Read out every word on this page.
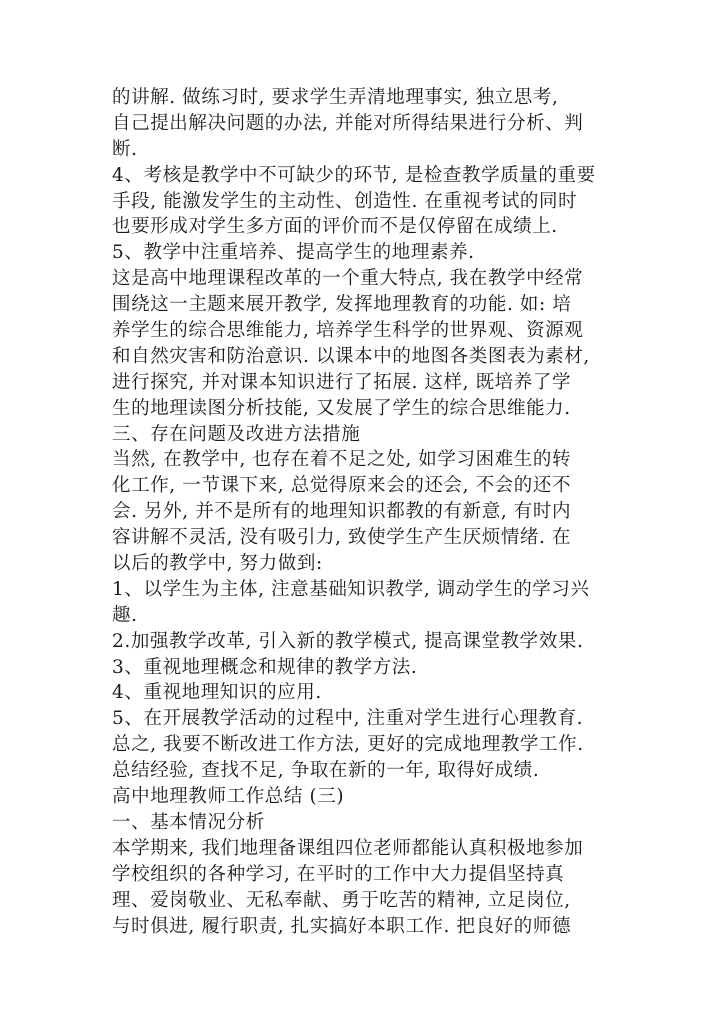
的讲解. 做练习时, 要求学生弄清地理事实, 独立思考,
自己提出解决问题的办法, 并能对所得结果进行分析、判
断.
4、考核是教学中不可缺少的环节, 是检查教学质量的重要
手段, 能激发学生的主动性、创造性. 在重视考试的同时
也要形成对学生多方面的评价而不是仅停留在成绩上.
5、教学中注重培养、提高学生的地理素养.
这是高中地理课程改革的一个重大特点, 我在教学中经常
围绕这一主题来展开教学, 发挥地理教育的功能. 如: 培
养学生的综合思维能力, 培养学生科学的世界观、资源观
和自然灾害和防治意识. 以课本中的地图各类图表为素材,
进行探究, 并对课本知识进行了拓展. 这样, 既培养了学
生的地理读图分析技能, 又发展了学生的综合思维能力.
三、存在问题及改进方法措施
当然, 在教学中, 也存在着不足之处, 如学习困难生的转
化工作, 一节课下来, 总觉得原来会的还会, 不会的还不
会. 另外, 并不是所有的地理知识都教的有新意, 有时内
容讲解不灵活, 没有吸引力, 致使学生产生厌烦情绪. 在
以后的教学中, 努力做到:
1、以学生为主体, 注意基础知识教学, 调动学生的学习兴
趣.
2.加强教学改革, 引入新的教学模式, 提高课堂教学效果.
3、重视地理概念和规律的教学方法.
4、重视地理知识的应用.
5、在开展教学活动的过程中, 注重对学生进行心理教育.
总之, 我要不断改进工作方法, 更好的完成地理教学工作.
总结经验, 查找不足, 争取在新的一年, 取得好成绩.
高中地理教师工作总结 (三)
一、基本情况分析
本学期来, 我们地理备课组四位老师都能认真积极地参加
学校组织的各种学习, 在平时的工作中大力提倡坚持真
理、爱岗敬业、无私奉献、勇于吃苦的精神, 立足岗位,
与时俱进, 履行职责, 扎实搞好本职工作. 把良好的师德
